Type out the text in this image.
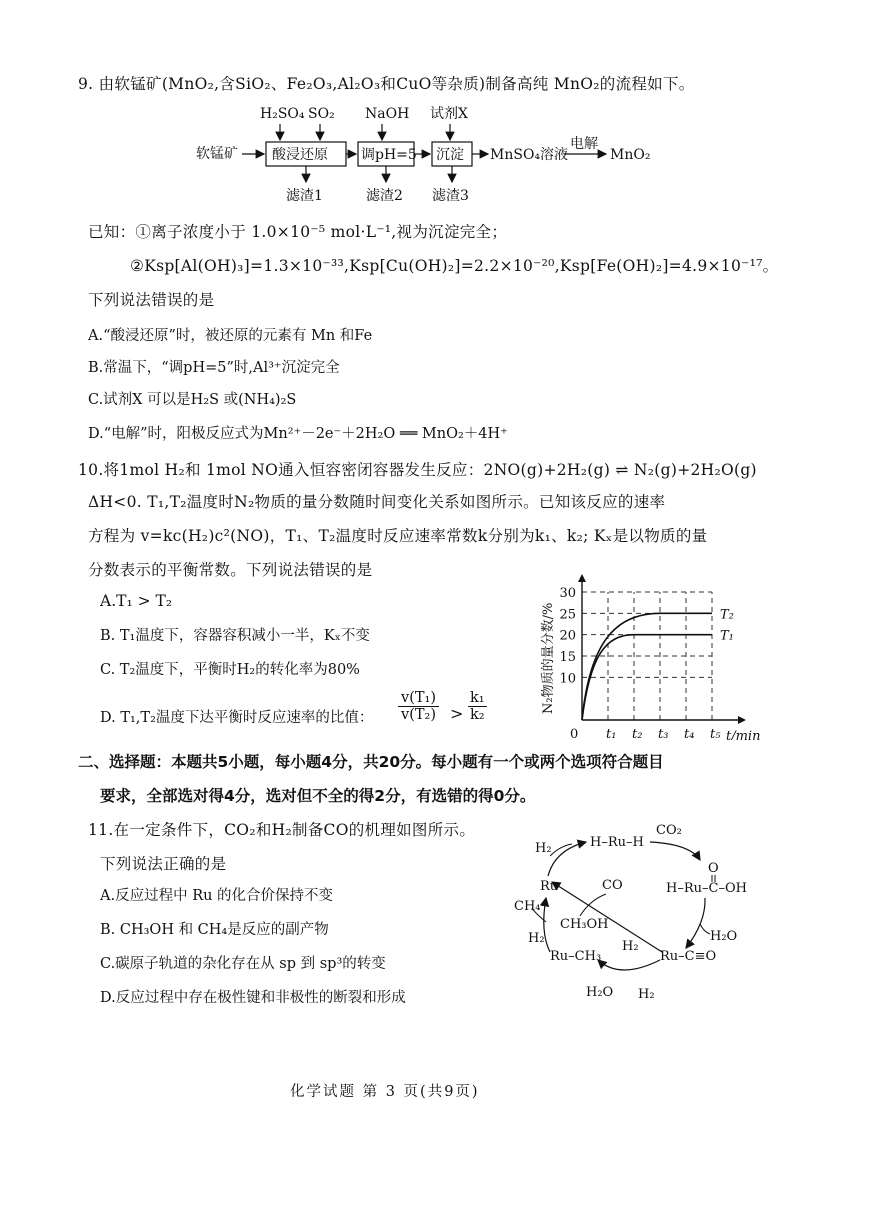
9. 由软锰矿(MnO₂,含SiO₂、Fe₂O₃,Al₂O₃和CuO等杂质)制备高纯 MnO₂的流程如下。
H₂SO₄ SO₂ NaOH 试剂X
软锰矿 酸浸还原 调pH=5 沉淀 MnSO₄溶液
电解
MnO₂
滤渣1	滤渣2 滤渣3
已知：①离子浓度小于 1.0×10⁻⁵ mol·L⁻¹,视为沉淀完全；
②Ksp[Al(OH)₃]=1.3×10⁻³³,Ksp[Cu(OH)₂]=2.2×10⁻²⁰,Ksp[Fe(OH)₂]=4.9×10⁻¹⁷。
下列说法错误的是
A.“酸浸还原”时，被还原的元素有 Mn 和Fe
B.常温下，“调pH=5”时,Al³⁺沉淀完全
C.试剂X 可以是H₂S 或(NH₄)₂S
D.“电解”时，阳极反应式为Mn²⁺－2e⁻＋2H₂O ══ MnO₂＋4H⁺
10.将1mol H₂和 1mol NO通入恒容密闭容器发生反应：2NO(g)+2H₂(g) ⇌ N₂(g)+2H₂O(g)
ΔH<0. T₁,T₂温度时N₂物质的量分数随时间变化关系如图所示。已知该反应的速率
方程为 v=kc(H₂)c²(NO)，T₁、T₂温度时反应速率常数k分别为k₁、k₂; Kₓ是以物质的量
分数表示的平衡常数。下列说法错误的是
A.T₁ > T₂
B. T₁温度下，容器容积减小一半，Kₓ不变
C. T₂温度下，平衡时H₂的转化率为80%
D. T₁,T₂温度下达平衡时反应速率的比值： $\frac{\text{v(T₁)}}{\text{v(T₂)}}$ >
k₁
k₂
10
15
20
25
30
t₁ t₂ t₃ t₄ t₅
0	t/min
N₂物质的量分数/%	T₂
T₁
二、选择题：本题共5小题，每小题4分，共20分。每小题有一个或两个选项符合题目
要求，全部选对得4分，选对但不全的得2分，有选错的得0分。
11.在一定条件下，CO₂和H₂制备CO的机理如图所示。
下列说法正确的是
A.反应过程中 Ru 的化合价保持不变
B. CH₃OH 和 CH₄是反应的副产物
C.碳原子轨道的杂化存在从 sp 到 sp³的转变
D.反应过程中存在极性键和非极性的断裂和形成
H₂	H–Ru–H
CO₂
O
H–Ru–C–OH
Ru	CO
CH₄
CH₃OH
H₂O
H₂
Ru–CH₃
H₂
Ru–C≡O
H₂O H₂
化学试题 第 3 页(共9页)
